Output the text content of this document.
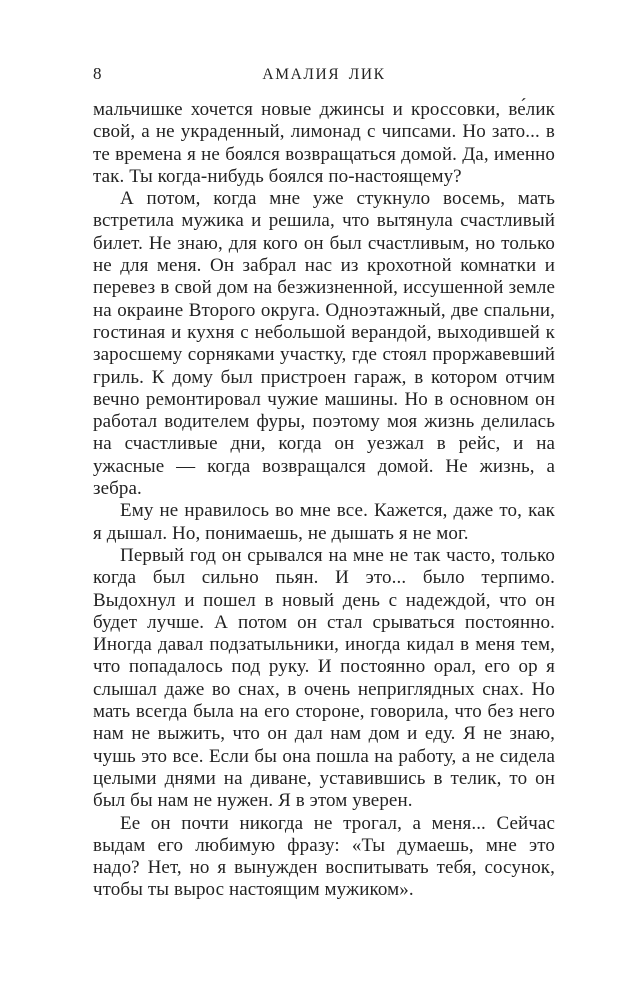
8	АМАЛИЯ ЛИК

мальчишке хочется новые джинсы и кроссовки, ве́лик свой, а не украденный, лимонад с чипсами. Но зато... в те времена я не боялся возвращаться домой. Да, именно так. Ты когда-нибудь боялся по-настоящему?

А потом, когда мне уже стукнуло восемь, мать встретила мужика и решила, что вытянула счастливый билет. Не знаю, для кого он был счастливым, но только не для меня. Он забрал нас из крохотной комнатки и перевез в свой дом на безжизненной, иссушенной земле на окраине Второго округа. Одноэтажный, две спальни, гостиная и кухня с небольшой верандой, выходившей к заросшему сорняками участку, где стоял проржавевший гриль. К дому был пристроен гараж, в котором отчим вечно ремонтировал чужие машины. Но в основном он работал водителем фуры, поэтому моя жизнь делилась на счастливые дни, когда он уезжал в рейс, и на ужасные — когда возвращался домой. Не жизнь, а зебра.

Ему не нравилось во мне все. Кажется, даже то, как я дышал. Но, понимаешь, не дышать я не мог.

Первый год он срывался на мне не так часто, только когда был сильно пьян. И это... было терпимо. Выдохнул и пошел в новый день с надеждой, что он будет лучше. А потом он стал срываться постоянно. Иногда давал подзатыльники, иногда кидал в меня тем, что попадалось под руку. И постоянно орал, его ор я слышал даже во снах, в очень неприглядных снах. Но мать всегда была на его стороне, говорила, что без него нам не выжить, что он дал нам дом и еду. Я не знаю, чушь это все. Если бы она пошла на работу, а не сидела целыми днями на диване, уставившись в телик, то он был бы нам не нужен. Я в этом уверен.

Ее он почти никогда не трогал, а меня... Сейчас выдам его любимую фразу: «Ты думаешь, мне это надо? Нет, но я вынужден воспитывать тебя, сосунок, чтобы ты вырос настоящим мужиком».
